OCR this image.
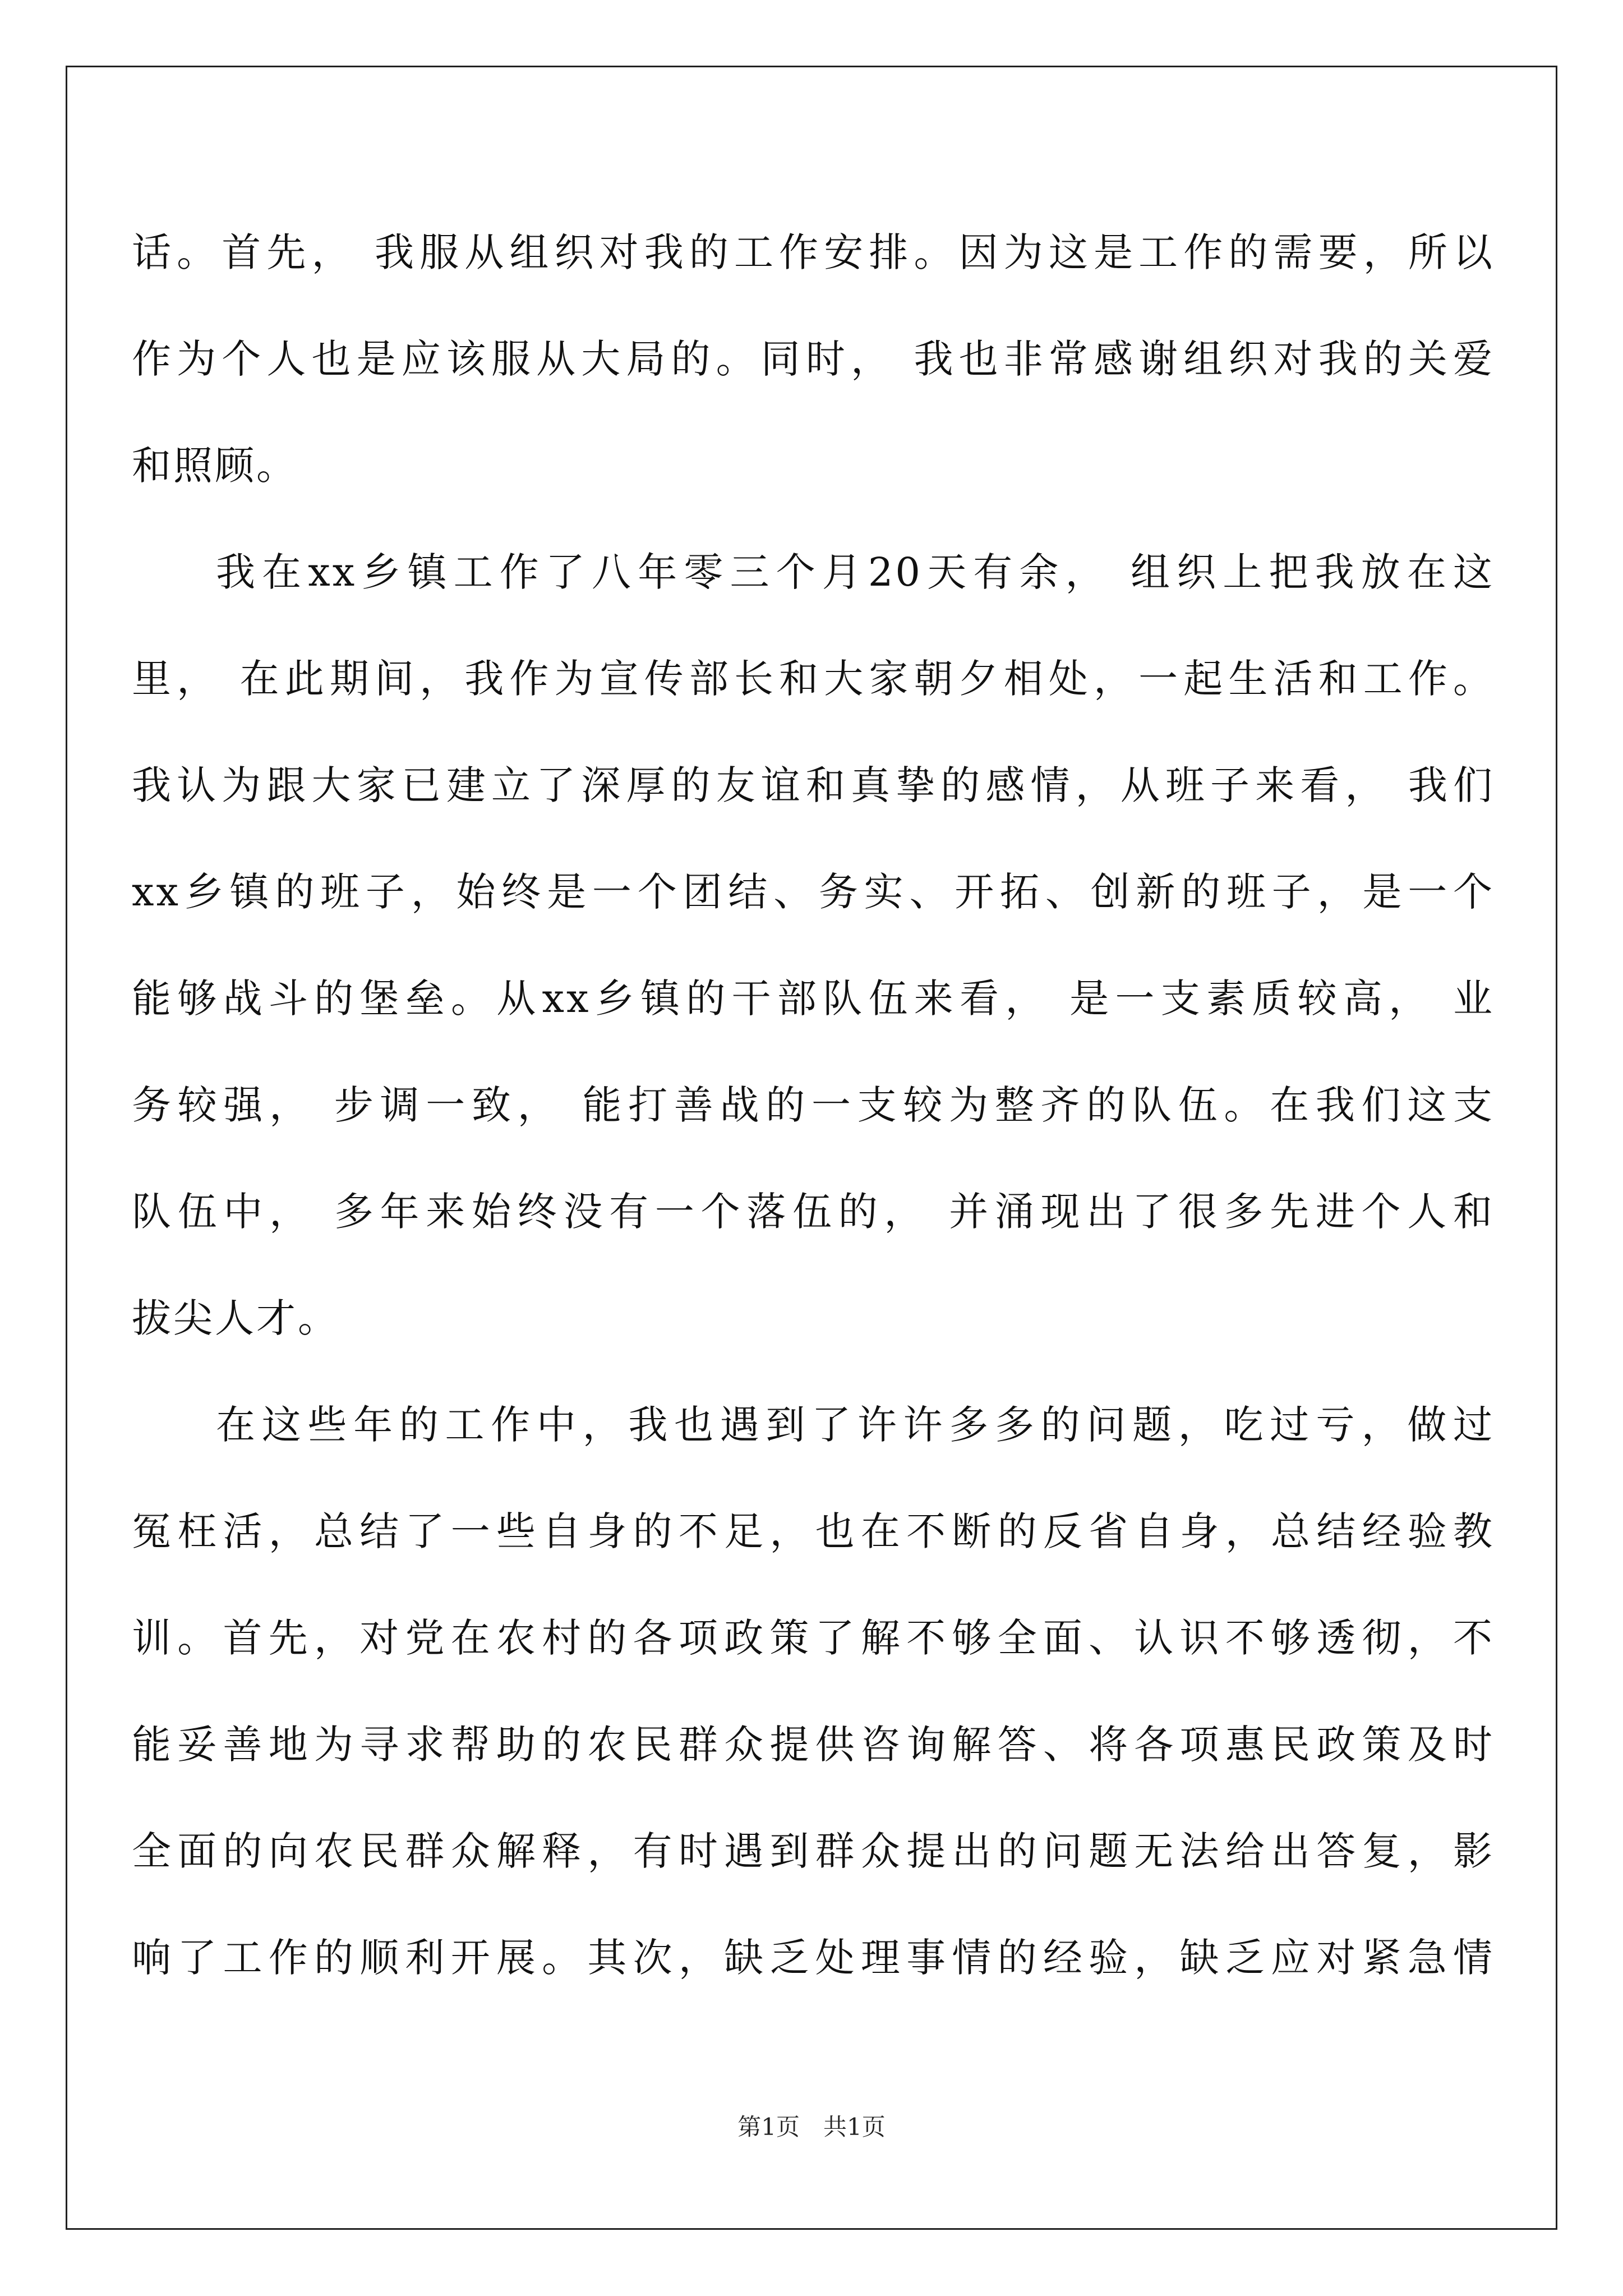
话。首先， 我服从组织对我的工作安排。因为这是工作的需要，所以
作为个人也是应该服从大局的。同时， 我也非常感谢组织对我的关爱
和照顾。
我在xx乡镇工作了八年零三个月20天有余， 组织上把我放在这
里， 在此期间，我作为宣传部长和大家朝夕相处，一起生活和工作。
我认为跟大家已建立了深厚的友谊和真挚的感情，从班子来看， 我们
xx乡镇的班子，始终是一个团结、务实、开拓、创新的班子，是一个
能够战斗的堡垒。从xx乡镇的干部队伍来看， 是一支素质较高， 业
务较强， 步调一致， 能打善战的一支较为整齐的队伍。在我们这支
队伍中， 多年来始终没有一个落伍的， 并涌现出了很多先进个人和
拔尖人才。
在这些年的工作中，我也遇到了许许多多的问题，吃过亏，做过
冤枉活，总结了一些自身的不足，也在不断的反省自身，总结经验教
训。首先，对党在农村的各项政策了解不够全面、认识不够透彻，不
能妥善地为寻求帮助的农民群众提供咨询解答、将各项惠民政策及时
全面的向农民群众解释，有时遇到群众提出的问题无法给出答复，影
响了工作的顺利开展。其次，缺乏处理事情的经验，缺乏应对紧急情
第1页　共1页
